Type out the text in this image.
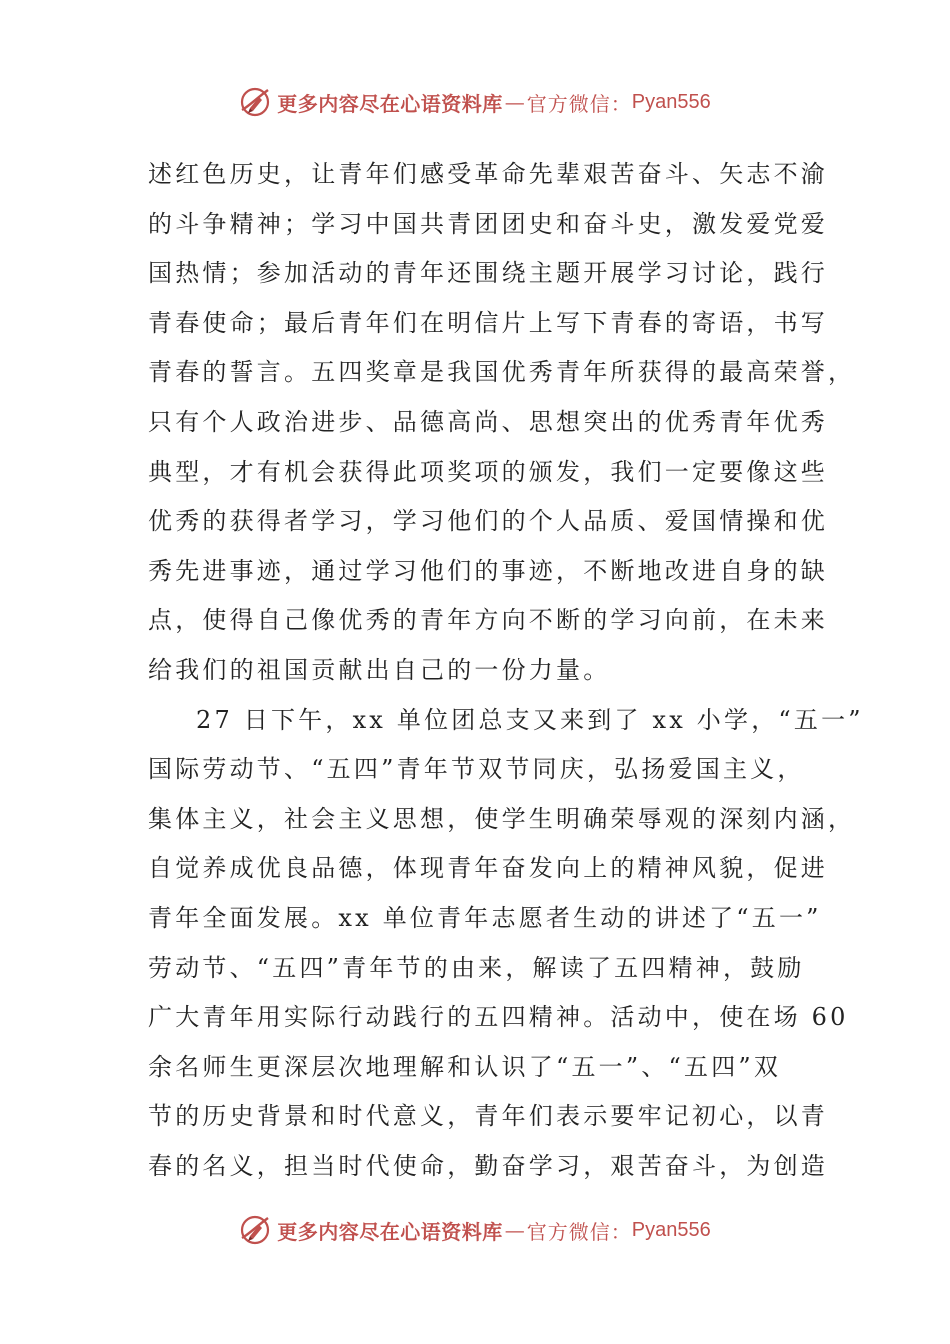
更多内容尽在心语资料库 — 官方微信： Pyan556
述红色历史，让青年们感受革命先辈艰苦奋斗、矢志不渝
的斗争精神；学习中国共青团团史和奋斗史，激发爱党爱
国热情；参加活动的青年还围绕主题开展学习讨论，践行
青春使命；最后青年们在明信片上写下青春的寄语，书写
青春的誓言。五四奖章是我国优秀青年所获得的最高荣誉，
只有个人政治进步、品德高尚、思想突出的优秀青年优秀
典型，才有机会获得此项奖项的颁发，我们一定要像这些
优秀的获得者学习，学习他们的个人品质、爱国情操和优
秀先进事迹，通过学习他们的事迹，不断地改进自身的缺
点，使得自己像优秀的青年方向不断的学习向前，在未来
给我们的祖国贡献出自己的一份力量。
27 日下午，xx 单位团总支又来到了 xx 小学，“五一”
国际劳动节、“五四”青年节双节同庆，弘扬爱国主义，
集体主义，社会主义思想，使学生明确荣辱观的深刻内涵，
自觉养成优良品德，体现青年奋发向上的精神风貌，促进
青年全面发展。xx 单位青年志愿者生动的讲述了“五一”
劳动节、“五四”青年节的由来，解读了五四精神，鼓励
广大青年用实际行动践行的五四精神。活动中，使在场 60
余名师生更深层次地理解和认识了“五一”、“五四”双
节的历史背景和时代意义，青年们表示要牢记初心，以青
春的名义，担当时代使命，勤奋学习，艰苦奋斗，为创造
更多内容尽在心语资料库 — 官方微信： Pyan556
